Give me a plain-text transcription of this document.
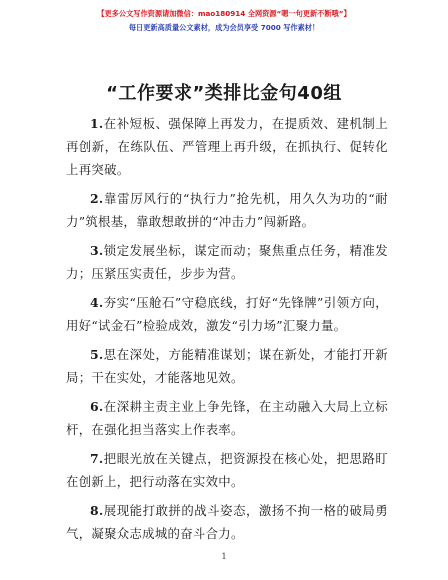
【更多公文写作资源请加微信：mao180914 全网资源“嗯一句更新不断哦”】
每日更新高质量公文素材，成为会员享受 7000 写作素材！
“工作要求”类排比金句40组

1.在补短板、强保障上再发力，在提质效、建机制上再创新，在练队伍、严管理上再升级，在抓执行、促转化上再突破。

2.靠雷厉风行的“执行力”抢先机，用久久为功的“耐力”筑根基，靠敢想敢拼的“冲击力”闯新路。

3.锁定发展坐标，谋定而动；聚焦重点任务，精准发力；压紧压实责任，步步为营。

4.夯实“压舱石”守稳底线，打好“先锋牌”引领方向，用好“试金石”检验成效，激发“引力场”汇聚力量。

5.思在深处，方能精准谋划；谋在新处，才能打开新局；干在实处，才能落地见效。

6.在深耕主责主业上争先锋，在主动融入大局上立标杆，在强化担当落实上作表率。

7.把眼光放在关键点，把资源投在核心处，把思路盯在创新上，把行动落在实效中。

8.展现能打敢拼的战斗姿态，激扬不拘一格的破局勇气，凝聚众志成城的奋斗合力。

1
